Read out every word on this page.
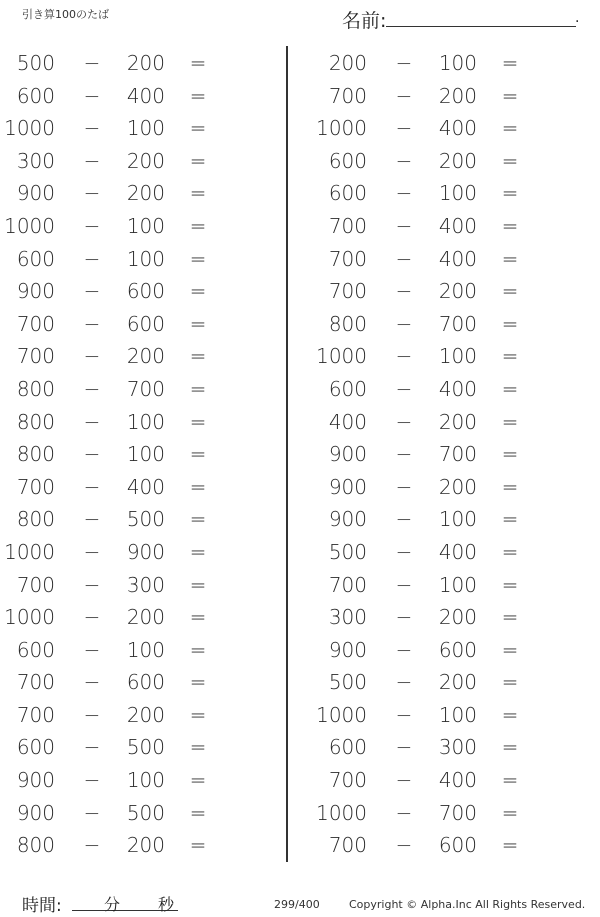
引き算100のたば	名前:	.
500 −	200 =
600 −	400 =
1000 −	100 =
300 −	200 =
900 −	200 =
1000 −	100 =
600 −	100 =
900 −	600 =
700 −	600 =
700 −	200 =
800 −	700 =
800 −	100 =
800 −	100 =
700 −	400 =
800 −	500 =
1000 −	900 =
700 −	300 =
1000 −	200 =
600 −	100 =
700 −	600 =
700 −	200 =
600 −	500 =
900 −	100 =
900 −	500 =
800 −	200 =
200 −	100 =
700 −	200 =
1000 −	400 =
600 −	200 =
600 −	100 =
700 −	400 =
700 −	400 =
700 −	200 =
800 −	700 =
1000 −	100 =
600 −	400 =
400 −	200 =
900 −	700 =
900 −	200 =
900 −	100 =
500 −	400 =
700 −	100 =
300 −	200 =
900 −	600 =
500 −	200 =
1000 −	100 =
600 −	300 =
700 −	400 =
1000 −	700 =
700 −	600 =
時間:	分 秒	299/400	Copyright © Alpha.Inc All Rights Reserved.
